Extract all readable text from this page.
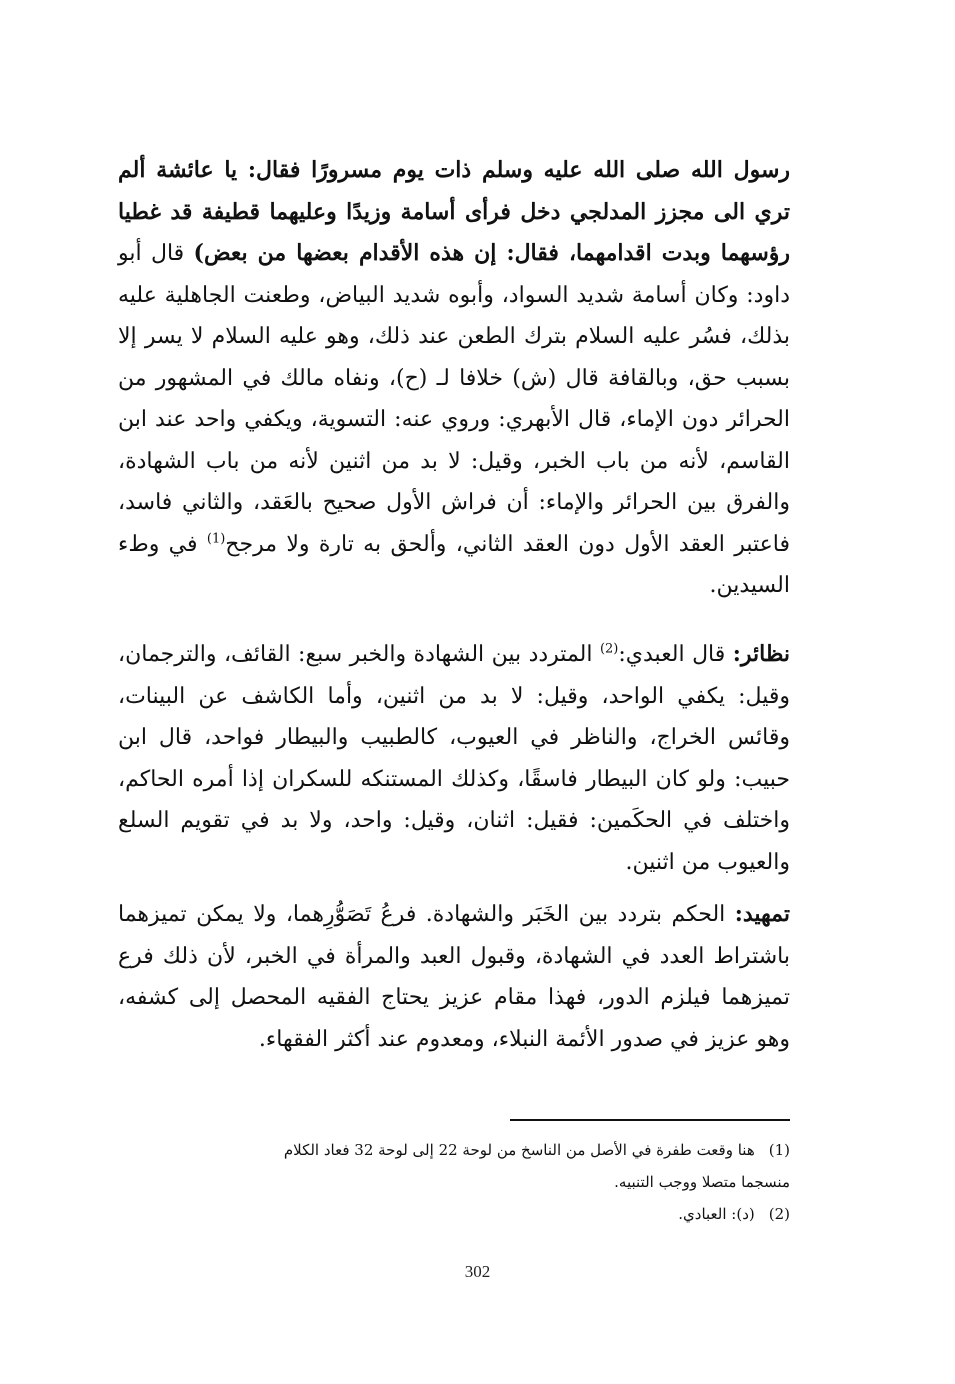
رسول الله صلى الله عليه وسلم ذات يوم مسرورًا فقال: يا عائشة ألم تري الى مجزز المدلجي دخل فرأى أسامة وزيدًا وعليهما قطيفة قد غطيا رؤسهما وبدت اقدامهما، فقال: إن هذه الأقدام بعضها من بعض) قال أبو داود: وكان أسامة شديد السواد، وأبوه شديد البياض، وطعنت الجاهلية عليه بذلك، فسُر عليه السلام بترك الطعن عند ذلك، وهو عليه السلام لا يسر إلا بسبب حق، وبالقافة قال (ش) خلافا لـ (ح)، ونفاه مالك في المشهور من الحرائر دون الإماء، قال الأبهري: وروي عنه: التسوية، ويكفي واحد عند ابن القاسم، لأنه من باب الخبر، وقيل: لا بد من اثنين لأنه من باب الشهادة، والفرق بين الحرائر والإماء: أن فراش الأول صحيح بالعَقد، والثاني فاسد، فاعتبر العقد الأول دون العقد الثاني، وألحق به تارة ولا مرجح$^{(1)}$ في وطء السيدين.

نظائر: قال العبدي:$^{(2)}$ المتردد بين الشهادة والخبر سبع: القائف، والترجمان، وقيل: يكفي الواحد، وقيل: لا بد من اثنين، وأما الكاشف عن البينات، وقائس الخراج، والناظر في العيوب، كالطبيب والبيطار فواحد، قال ابن حبيب: ولو كان البيطار فاسقًا، وكذلك المستنكه للسكران إذا أمره الحاكم، واختلف في الحكَمين: فقيل: اثنان، وقيل: واحد، ولا بد في تقويم السلع والعيوب من اثنين.

تمهيد: الحكم بتردد بين الخَبَر والشهادة. فرعُ تَصَوُّرِهما، ولا يمكن تميزهما باشتراط العدد في الشهادة، وقبول العبد والمرأة في الخبر، لأن ذلك فرع تميزهما فيلزم الدور، فهذا مقام عزيز يحتاج الفقيه المحصل إلى كشفه، وهو عزيز في صدور الأئمة النبلاء، ومعدوم عند أكثر الفقهاء.

(1)هنا وقعت طفرة في الأصل من الناسخ من لوحة 22 إلى لوحة 32 فعاد الكلام
منسجما متصلا ووجب التنبيه.
(2)(د): العبادي.
302
